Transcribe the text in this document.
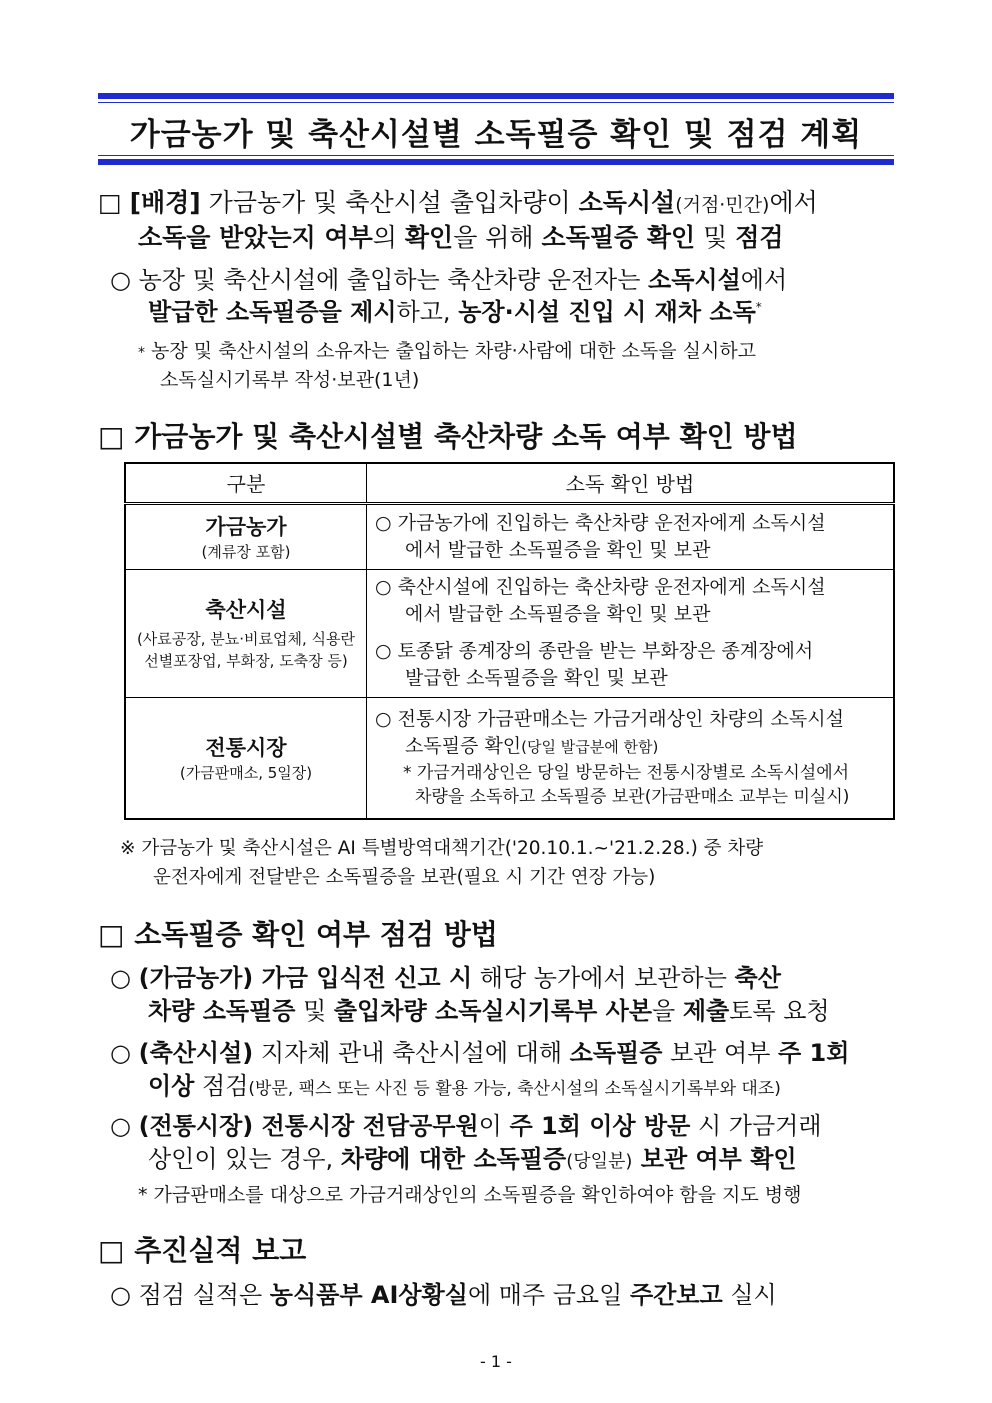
가금농가 및 축산시설별 소독필증 확인 및 점검 계획
□ [배경] 가금농가 및 축산시설 출입차량이 소독시설(거점·민간)에서
소독을 받았는지 여부의 확인을 위해 소독필증 확인 및 점검
○ 농장 및 축산시설에 출입하는 축산차량 운전자는 소독시설에서
발급한 소독필증을 제시하고, 농장·시설 진입 시 재차 소독*
* 농장 및 축산시설의 소유자는 출입하는 차량·사람에 대한 소독을 실시하고
소독실시기록부 작성·보관(1년)
□ 가금농가 및 축산시설별 축산차량 소독 여부 확인 방법
구분	소독 확인 방법

가금농가
(계류장 포함)	○ 가금농가에 진입하는 축산차량 운전자에게 소독시설
에서 발급한 소독필증을 확인 및 보관

축산시설
(사료공장, 분뇨·비료업체, 식용란
선별포장업, 부화장, 도축장 등)	○ 축산시설에 진입하는 축산차량 운전자에게 소독시설
에서 발급한 소독필증을 확인 및 보관
○ 토종닭 종계장의 종란을 받는 부화장은 종계장에서
발급한 소독필증을 확인 및 보관

전통시장
(가금판매소, 5일장)	○ 전통시장 가금판매소는 가금거래상인 차량의 소독시설
소독필증 확인(당일 발급분에 한함)
* 가금거래상인은 당일 방문하는 전통시장별로 소독시설에서
차량을 소독하고 소독필증 보관(가금판매소 교부는 미실시)
※ 가금농가 및 축산시설은 AI 특별방역대책기간('20.10.1.~'21.2.28.) 중 차량
운전자에게 전달받은 소독필증을 보관(필요 시 기간 연장 가능)
□ 소독필증 확인 여부 점검 방법
○ (가금농가) 가금 입식전 신고 시 해당 농가에서 보관하는 축산
차량 소독필증 및 출입차량 소독실시기록부 사본을 제출토록 요청
○ (축산시설) 지자체 관내 축산시설에 대해 소독필증 보관 여부 주 1회
이상 점검(방문, 팩스 또는 사진 등 활용 가능, 축산시설의 소독실시기록부와 대조)
○ (전통시장) 전통시장 전담공무원이 주 1회 이상 방문 시 가금거래
상인이 있는 경우, 차량에 대한 소독필증(당일분) 보관 여부 확인
* 가금판매소를 대상으로 가금거래상인의 소독필증을 확인하여야 함을 지도 병행
□ 추진실적 보고
○ 점검 실적은 농식품부 AI상황실에 매주 금요일 주간보고 실시
- 1 -
